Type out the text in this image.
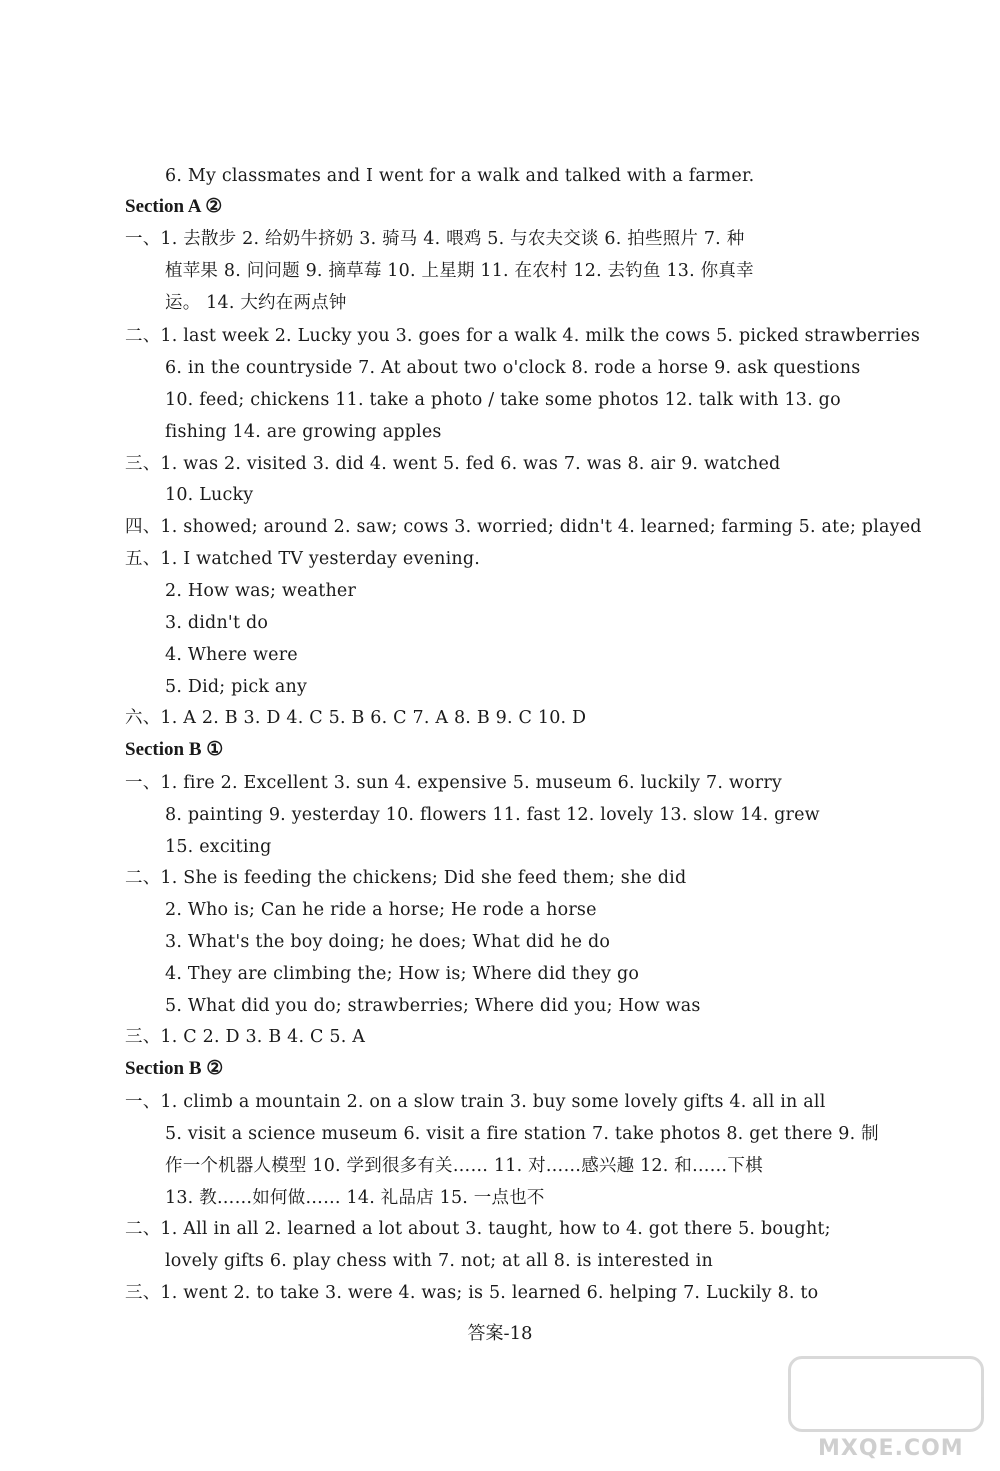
6. My classmates and I went for a walk and talked with a farmer.
Section A ②
一、1. 去散步 2. 给奶牛挤奶 3. 骑马 4. 喂鸡 5. 与农夫交谈 6. 拍些照片 7. 种
植苹果 8. 问问题 9. 摘草莓 10. 上星期 11. 在农村 12. 去钓鱼 13. 你真幸
运。 14. 大约在两点钟
二、1. last week 2. Lucky you 3. goes for a walk 4. milk the cows 5. picked strawberries
6. in the countryside 7. At about two o'clock 8. rode a horse 9. ask questions
10. feed; chickens 11. take a photo / take some photos 12. talk with 13. go
fishing 14. are growing apples
三、1. was 2. visited 3. did 4. went 5. fed 6. was 7. was 8. air 9. watched
10. Lucky
四、1. showed; around 2. saw; cows 3. worried; didn't 4. learned; farming 5. ate; played
五、1. I watched TV yesterday evening.
2. How was; weather
3. didn't do
4. Where were
5. Did; pick any
六、1. A 2. B 3. D 4. C 5. B 6. C 7. A 8. B 9. C 10. D
Section B ①
一、1. fire 2. Excellent 3. sun 4. expensive 5. museum 6. luckily 7. worry
8. painting 9. yesterday 10. flowers 11. fast 12. lovely 13. slow 14. grew
15. exciting
二、1. She is feeding the chickens; Did she feed them; she did
2. Who is; Can he ride a horse; He rode a horse
3. What's the boy doing; he does; What did he do
4. They are climbing the; How is; Where did they go
5. What did you do; strawberries; Where did you; How was
三、1. C 2. D 3. B 4. C 5. A
Section B ②
一、1. climb a mountain 2. on a slow train 3. buy some lovely gifts 4. all in all
5. visit a science museum 6. visit a fire station 7. take photos 8. get there 9. 制
作一个机器人模型 10. 学到很多有关…… 11. 对……感兴趣 12. 和……下棋
13. 教……如何做…… 14. 礼品店 15. 一点也不
二、1. All in all 2. learned a lot about 3. taught, how to 4. got there 5. bought;
lovely gifts 6. play chess with 7. not; at all 8. is interested in
三、1. went 2. to take 3. were 4. was; is 5. learned 6. helping 7. Luckily 8. to
答案-18
MXQE.COM
